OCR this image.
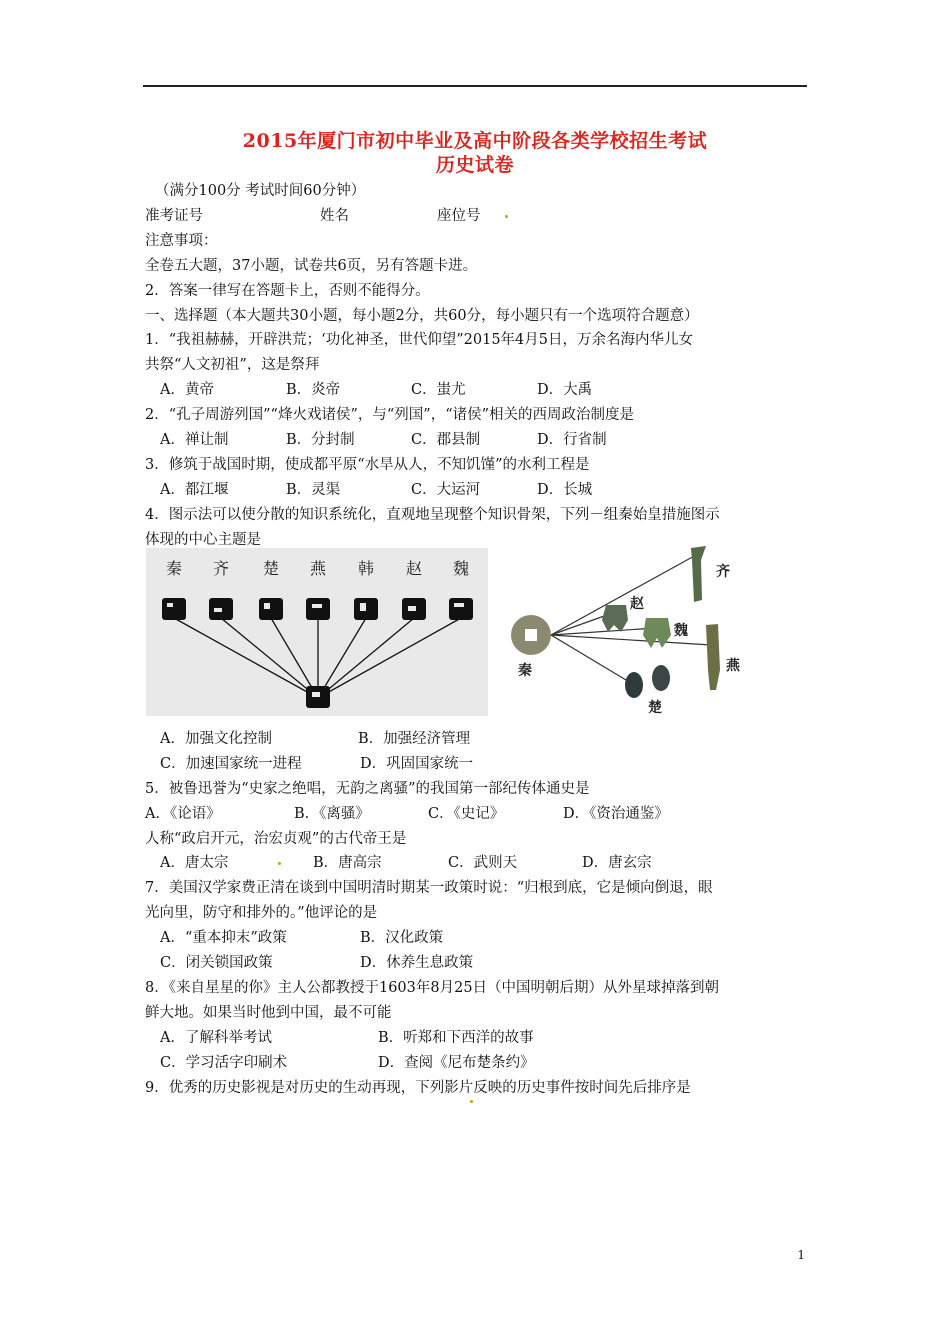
2015年厦门市初中毕业及高中阶段各类学校招生考试
历史试卷
（满分100分 考试时间60分钟）
准考证号	姓名	座位号
注意事项：
全卷五大题，37小题，试卷共6页，另有答题卡进。
2．答案一律写在答题卡上，否则不能得分。
一、选择题（本大题共30小题，每小题2分，共60分，每小题只有一个选项符合题意）
1．“我祖赫赫，开辟洪荒；‘功化神圣，世代仰望”2015年4月5日，万余名海内华儿女
共祭“人文初祖”，这是祭拜
A．黄帝	B．炎帝	C．蚩尤	D．大禹
2．“孔子周游列国”“烽火戏诸侯”，与“列国”，“诸侯”相关的西周政治制度是
A．禅让制	B．分封制	C．郡县制	D．行省制
3．修筑于战国时期，使成都平原“水旱从人，不知饥馑”的水利工程是
A．都江堰	B．灵渠	C．大运河	D．长城
4．图示法可以使分散的知识系统化，直观地呈现整个知识骨架，下列－组秦始皇措施图示
体现的中心主题是
秦 齐 楚 燕 韩 赵 魏
秦
齐
赵
魏
燕
楚
A．加强文化控制	B．加强经济管理
C．加速国家统一进程	D．巩固国家统一
5．被鲁迅誉为“史家之绝唱，无韵之离骚”的我国第一部纪传体通史是
A．《论语》	B．《离骚》	C．《史记》	D．《资治通鉴》
人称“政启开元，治宏贞观”的古代帝王是
A．唐太宗	B．唐高宗	C．武则天	D．唐玄宗
7．美国汉学家费正清在谈到中国明清时期某一政策时说：“归根到底，它是倾向倒退，眼
光向里，防守和排外的。”他评论的是
A．“重本抑末”政策	B．汉化政策
C．闭关锁国政策	D．休养生息政策
8．《来自星星的你》主人公都教授于1603年8月25日（中国明朝后期）从外星球掉落到朝
鲜大地。如果当时他到中国，最不可能
A．了解科举考试	B．听郑和下西洋的故事
C．学习活字印刷术	D．查阅《尼布楚条约》
9．优秀的历史影视是对历史的生动再现，下列影片反映的历史事件按时间先后排序是
1
